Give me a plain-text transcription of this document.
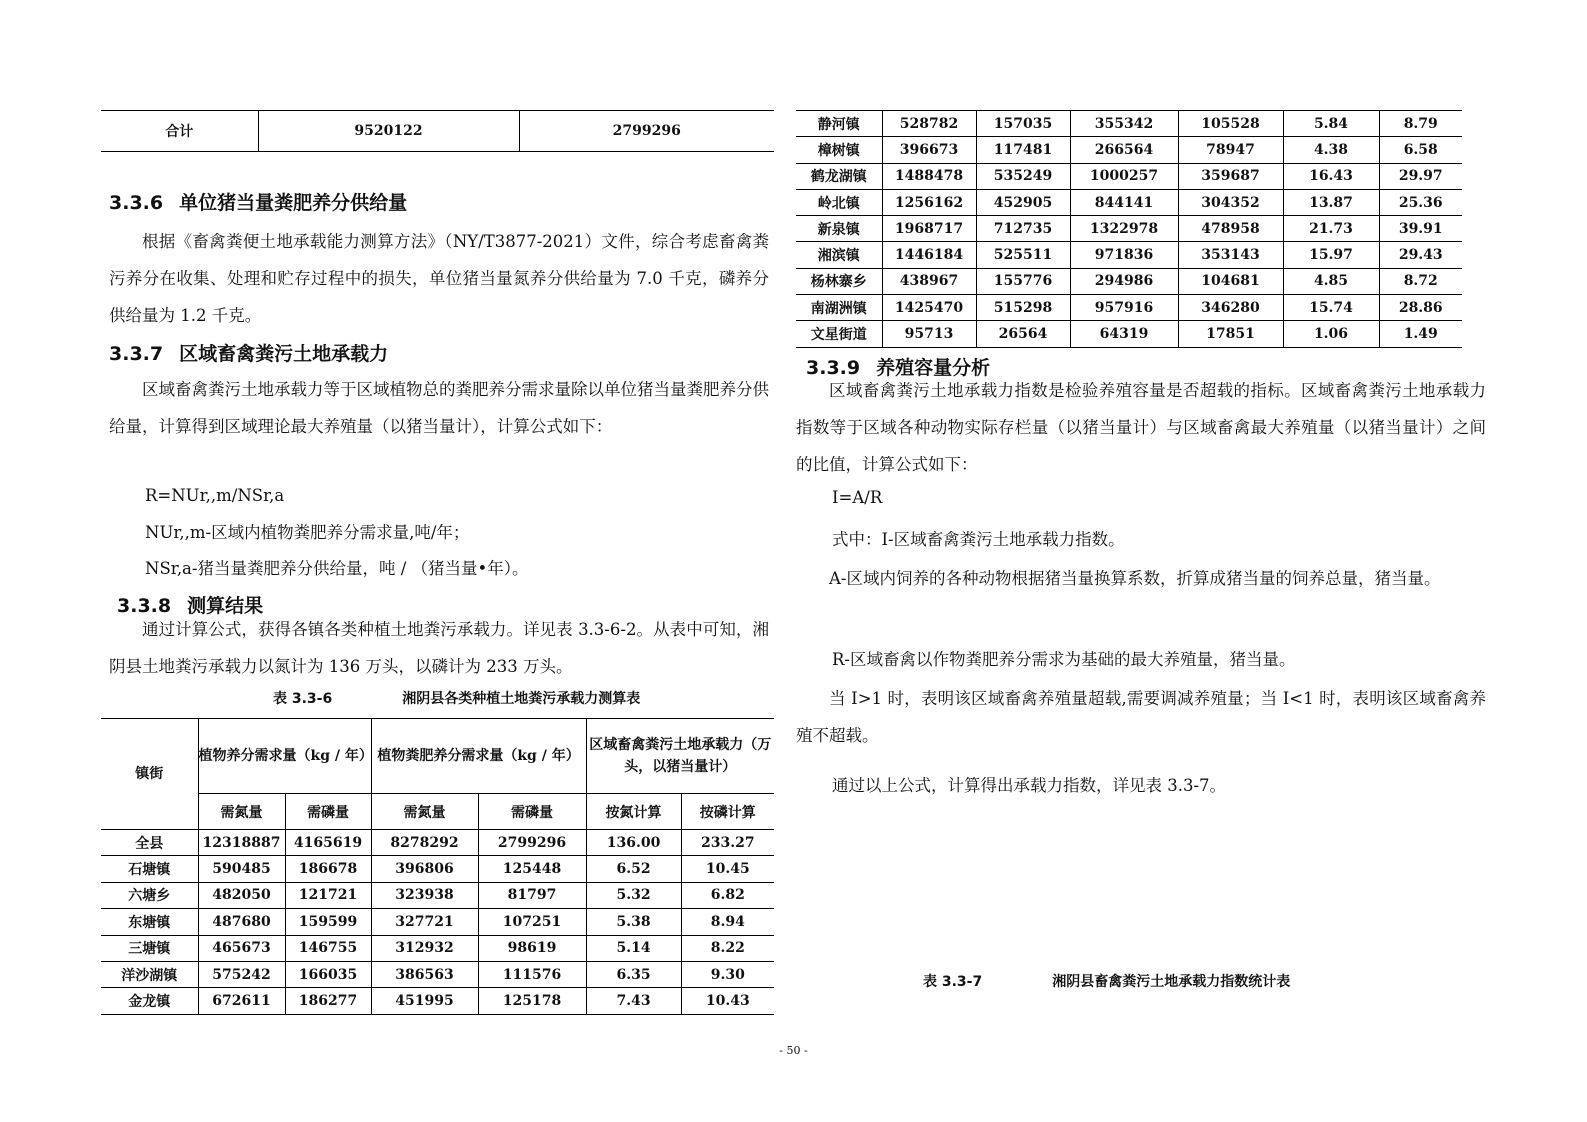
合计	9520122	2799296
3.3.6 单位猪当量粪肥养分供给量

根据《畜禽粪便土地承载能力测算方法》（NY/T3877-2021）文件，综合考虑畜禽粪污养分在收集、处理和贮存过程中的损失，单位猪当量氮养分供给量为 7.0 千克，磷养分供给量为 1.2 千克。

3.3.7 区域畜禽粪污土地承载力

区域畜禽粪污土地承载力等于区域植物总的粪肥养分需求量除以单位猪当量粪肥养分供给量，计算得到区域理论最大养殖量（以猪当量计），计算公式如下：

R=NUr,,m/NSr,a

NUr,,m-区域内植物粪肥养分需求量,吨/年；

NSr,a-猪当量粪肥养分供给量，吨 / （猪当量•年）。

3.3.8 测算结果

通过计算公式，获得各镇各类种植土地粪污承载力。详见表 3.3-6-2。从表中可知，湘阴县土地粪污承载力以氮计为 136 万头，以磷计为 233 万头。

表 3.3-6	湘阴县各类种植土地粪污承载力测算表
镇街	植物养分需求量（kg / 年）		植物粪肥养分需求量（kg / 年）		区域畜禽粪污土地承载力（万头，以猪当量计）	
	需氮量	需磷量	需氮量	需磷量	按氮计算	按磷计算
全县	12318887	4165619	8278292	2799296	136.00	233.27
石塘镇	590485	186678	396806	125448	6.52	10.45
六塘乡	482050	121721	323938	81797	5.32	6.82
东塘镇	487680	159599	327721	107251	5.38	8.94
三塘镇	465673	146755	312932	98619	5.14	8.22
洋沙湖镇	575242	166035	386563	111576	6.35	9.30
金龙镇	672611	186277	451995	125178	7.43	10.43
静河镇	528782	157035	355342	105528	5.84	8.79
樟树镇	396673	117481	266564	78947	4.38	6.58
鹤龙湖镇	1488478	535249	1000257	359687	16.43	29.97
岭北镇	1256162	452905	844141	304352	13.87	25.36
新泉镇	1968717	712735	1322978	478958	21.73	39.91
湘滨镇	1446184	525511	971836	353143	15.97	29.43
杨林寨乡	438967	155776	294986	104681	4.85	8.72
南湖洲镇	1425470	515298	957916	346280	15.74	28.86
文星街道	95713	26564	64319	17851	1.06	1.49
3.3.9 养殖容量分析

区域畜禽粪污土地承载力指数是检验养殖容量是否超载的指标。区域畜禽粪污土地承载力指数等于区域各种动物实际存栏量（以猪当量计）与区域畜禽最大养殖量（以猪当量计）之间的比值，计算公式如下：

I=A/R

式中：I-区域畜禽粪污土地承载力指数。

A-区域内饲养的各种动物根据猪当量换算系数，折算成猪当量的饲养总量，猪当量。

R-区域畜禽以作物粪肥养分需求为基础的最大养殖量，猪当量。

当 I>1 时，表明该区域畜禽养殖量超载,需要调减养殖量；当 I<1 时，表明该区域畜禽养殖不超载。

通过以上公式，计算得出承载力指数，详见表 3.3-7。

表 3.3-7	湘阴县畜禽粪污土地承载力指数统计表
- 50 -
